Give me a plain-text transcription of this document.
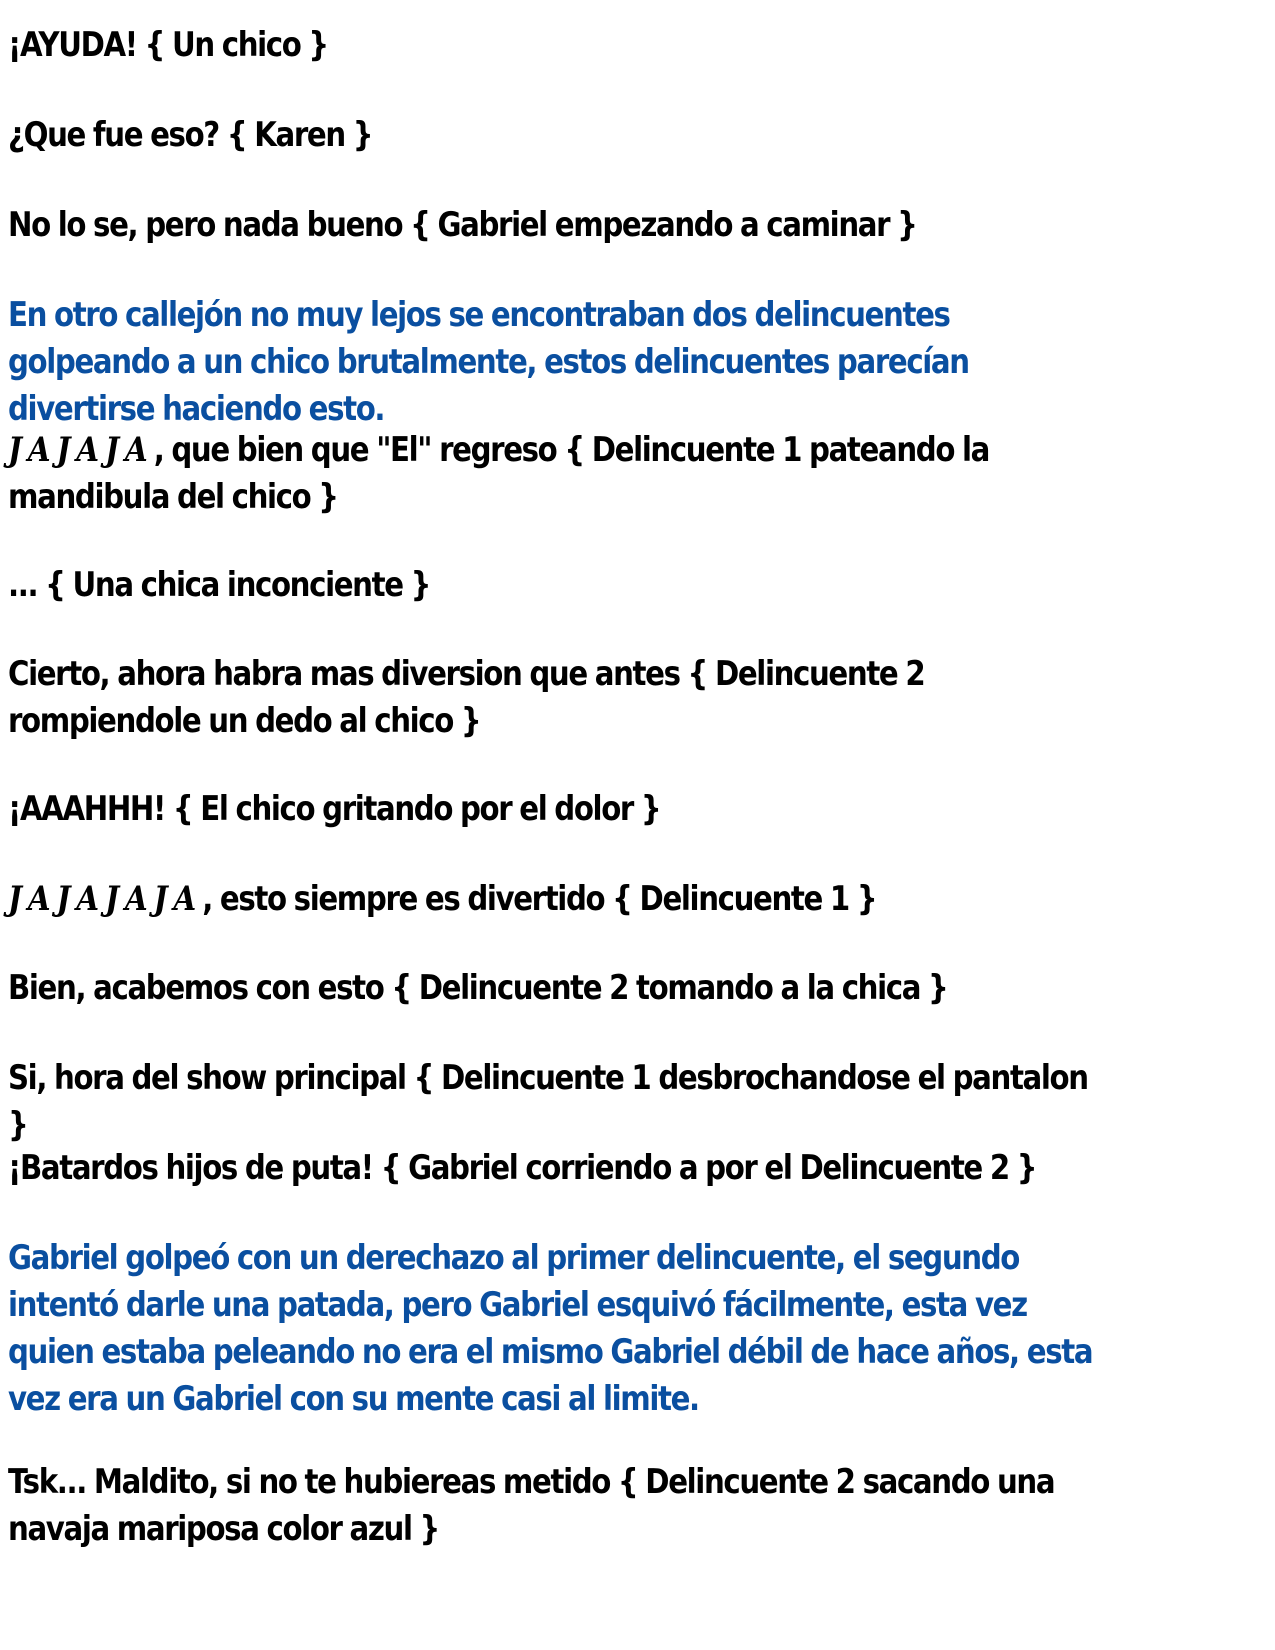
¡AYUDA! { Un chico }

¿Que fue eso? { Karen }

No lo se, pero nada bueno { Gabriel empezando a caminar }

En otro callejón no muy lejos se encontraban dos delincuentes golpeando a un chico brutalmente, estos delincuentes parecían divertirse haciendo esto.

JAJAJA, que bien que "El" regreso { Delincuente 1 pateando la mandibula del chico }

... { Una chica inconciente }

Cierto, ahora habra mas diversion que antes { Delincuente 2 rompiendole un dedo al chico }

¡AAAHHH! { El chico gritando por el dolor }

JAJAJAJA, esto siempre es divertido { Delincuente 1 }

Bien, acabemos con esto { Delincuente 2 tomando a la chica }

Si, hora del show principal { Delincuente 1 desbrochandose el pantalon }

¡Batardos hijos de puta! { Gabriel corriendo a por el Delincuente 2 }

Gabriel golpeó con un derechazo al primer delincuente, el segundo intentó darle una patada, pero Gabriel esquivó fácilmente, esta vez quien estaba peleando no era el mismo Gabriel débil de hace años, esta vez era un Gabriel con su mente casi al limite.

Tsk... Maldito, si no te hubiereas metido { Delincuente 2 sacando una navaja mariposa color azul }
